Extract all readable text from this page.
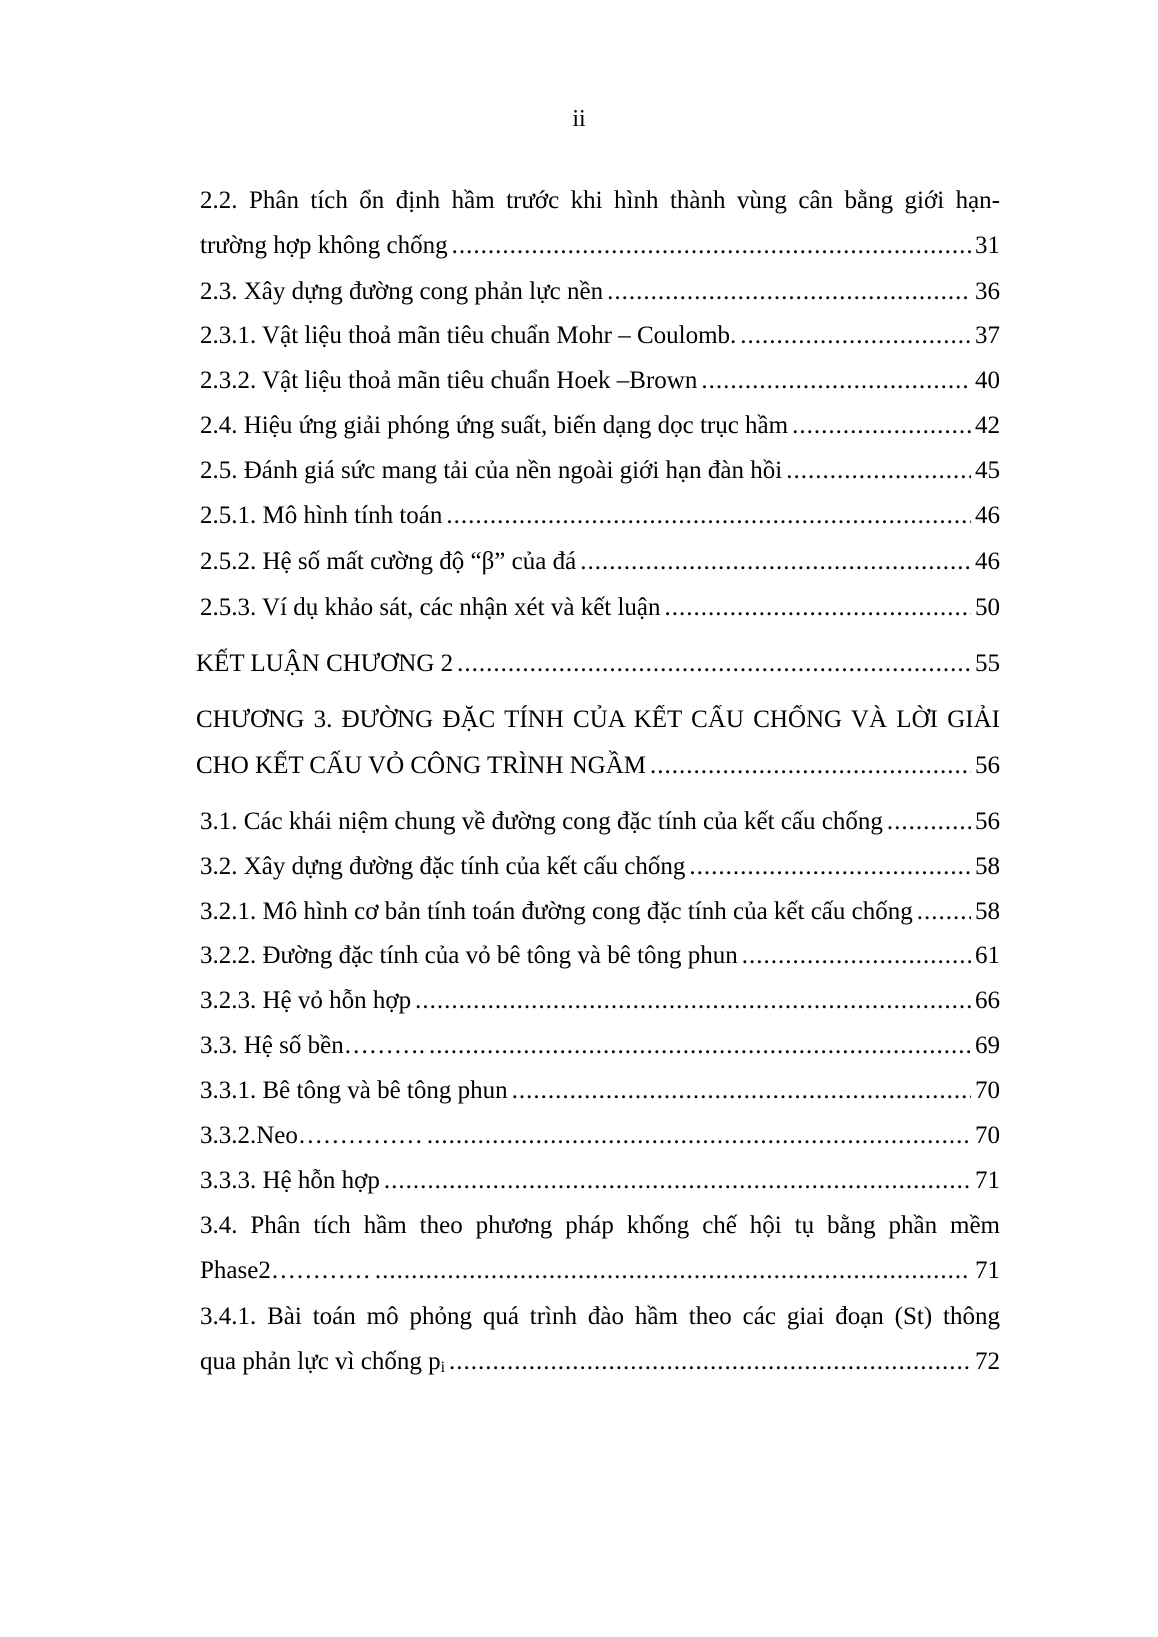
ii
2.2. Phân tích ổn định hầm trước khi hình thành vùng cân bằng giới hạn-
trường hợp không chống .....	31
2.3. Xây dựng đường cong phản lực nền .....	36
2.3.1. Vật liệu thoả mãn tiêu chuẩn Mohr – Coulomb. .....	37
2.3.2. Vật liệu thoả mãn tiêu chuẩn Hoek –Brown .....	40
2.4. Hiệu ứng giải phóng ứng suất, biến dạng dọc trục hầm .....	42
2.5. Đánh giá sức mang tải của nền ngoài giới hạn đàn hồi .....	45
2.5.1. Mô hình tính toán .....	46
2.5.2. Hệ số mất cường độ “β” của đá .....	46
2.5.3. Ví dụ khảo sát, các nhận xét và kết luận .....	50
KẾT LUẬN CHƯƠNG 2 .....	55
CHƯƠNG 3. ĐƯỜNG ĐẶC TÍNH CỦA KẾT CẤU CHỐNG VÀ LỜI GIẢI
CHO KẾT CẤU VỎ CÔNG TRÌNH NGẦM .....	56
3.1. Các khái niệm chung về đường cong đặc tính của kết cấu chống .....	56
3.2. Xây dựng đường đặc tính của kết cấu chống .....	58
3.2.1. Mô hình cơ bản tính toán đường cong đặc tính của kết cấu chống ..... 58
3.2.2. Đường đặc tính của vỏ bê tông và bê tông phun .....	61
3.2.3. Hệ vỏ hỗn hợp .....	66
3.3. Hệ số bền………. .....	69
3.3.1. Bê tông và bê tông phun .....	70
3.3.2.Neo…………… .....	70
3.3.3. Hệ hỗn hợp .....	71
3.4. Phân tích hầm theo phương pháp khống chế hội tụ bằng phần mềm
Phase2………… .....	71
3.4.1. Bài toán mô phỏng quá trình đào hầm theo các giai đoạn (St) thông
qua phản lực vì chống $p_i$ .....	72
